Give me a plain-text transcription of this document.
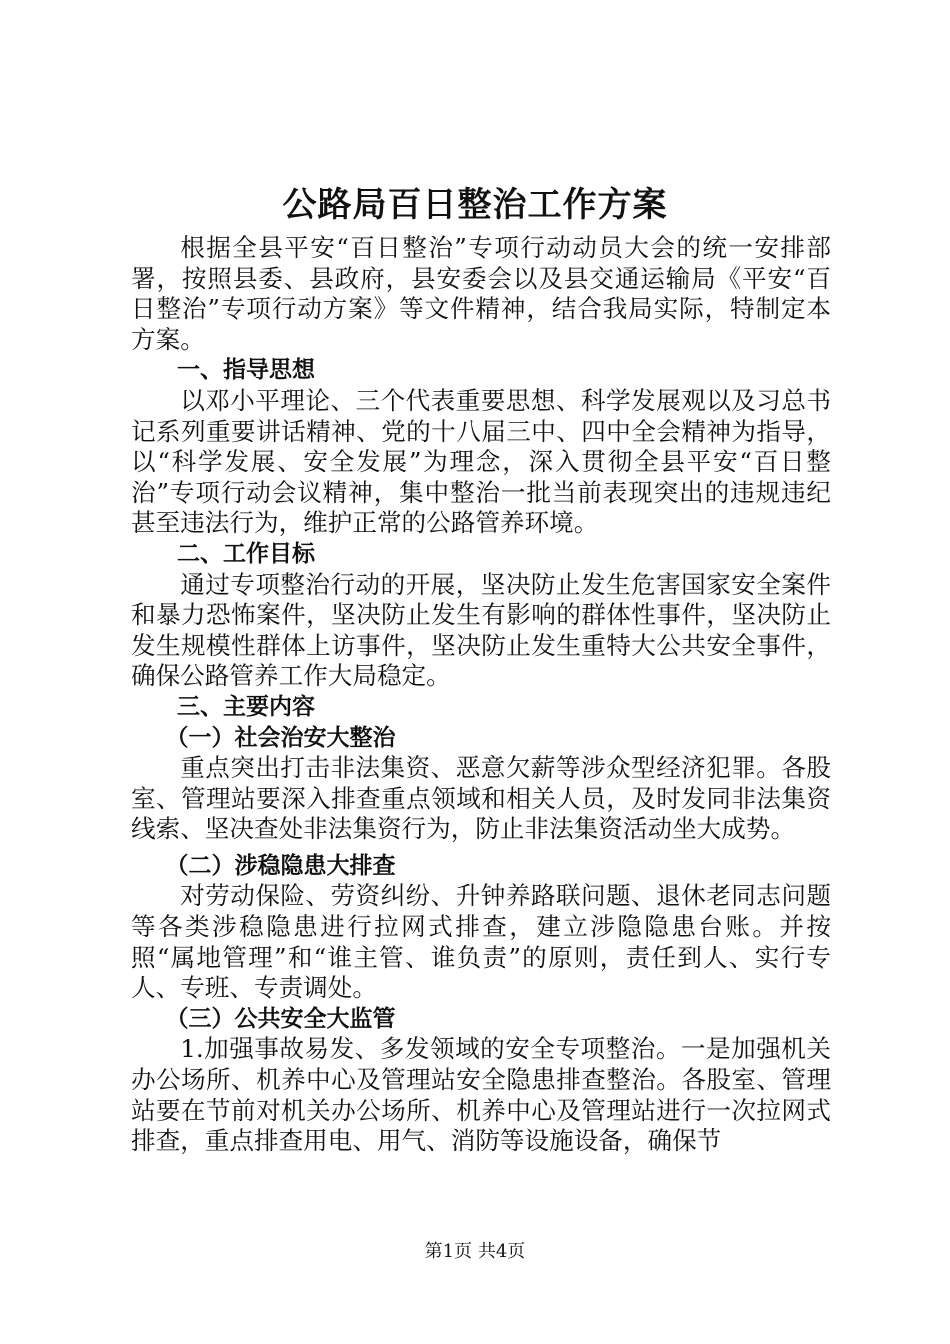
公路局百日整治工作方案

根据全县平安“百日整治”专项行动动员大会的统一安排部署，按照县委、县政府，县安委会以及县交通运输局《平安“百日整治”专项行动方案》等文件精神，结合我局实际，特制定本方案。

一、指导思想

以邓小平理论、三个代表重要思想、科学发展观以及习总书记系列重要讲话精神、党的十八届三中、四中全会精神为指导，以“科学发展、安全发展”为理念，深入贯彻全县平安“百日整治”专项行动会议精神，集中整治一批当前表现突出的违规违纪甚至违法行为，维护正常的公路管养环境。

二、工作目标

通过专项整治行动的开展，坚决防止发生危害国家安全案件和暴力恐怖案件，坚决防止发生有影响的群体性事件，坚决防止发生规模性群体上访事件，坚决防止发生重特大公共安全事件，确保公路管养工作大局稳定。

三、主要内容
（一）社会治安大整治

重点突出打击非法集资、恶意欠薪等涉众型经济犯罪。各股室、管理站要深入排查重点领域和相关人员，及时发同非法集资线索、坚决查处非法集资行为，防止非法集资活动坐大成势。

（二）涉稳隐患大排查

对劳动保险、劳资纠纷、升钟养路联问题、退休老同志问题等各类涉稳隐患进行拉网式排查，建立涉隐隐患台账。并按照“属地管理”和“谁主管、谁负责”的原则，责任到人、实行专人、专班、专责调处。

（三）公共安全大监管

1.加强事故易发、多发领域的安全专项整治。一是加强机关办公场所、机养中心及管理站安全隐患排查整治。各股室、管理站要在节前对机关办公场所、机养中心及管理站进行一次拉网式排查，重点排查用电、用气、消防等设施设备，确保节

第1页 共4页
